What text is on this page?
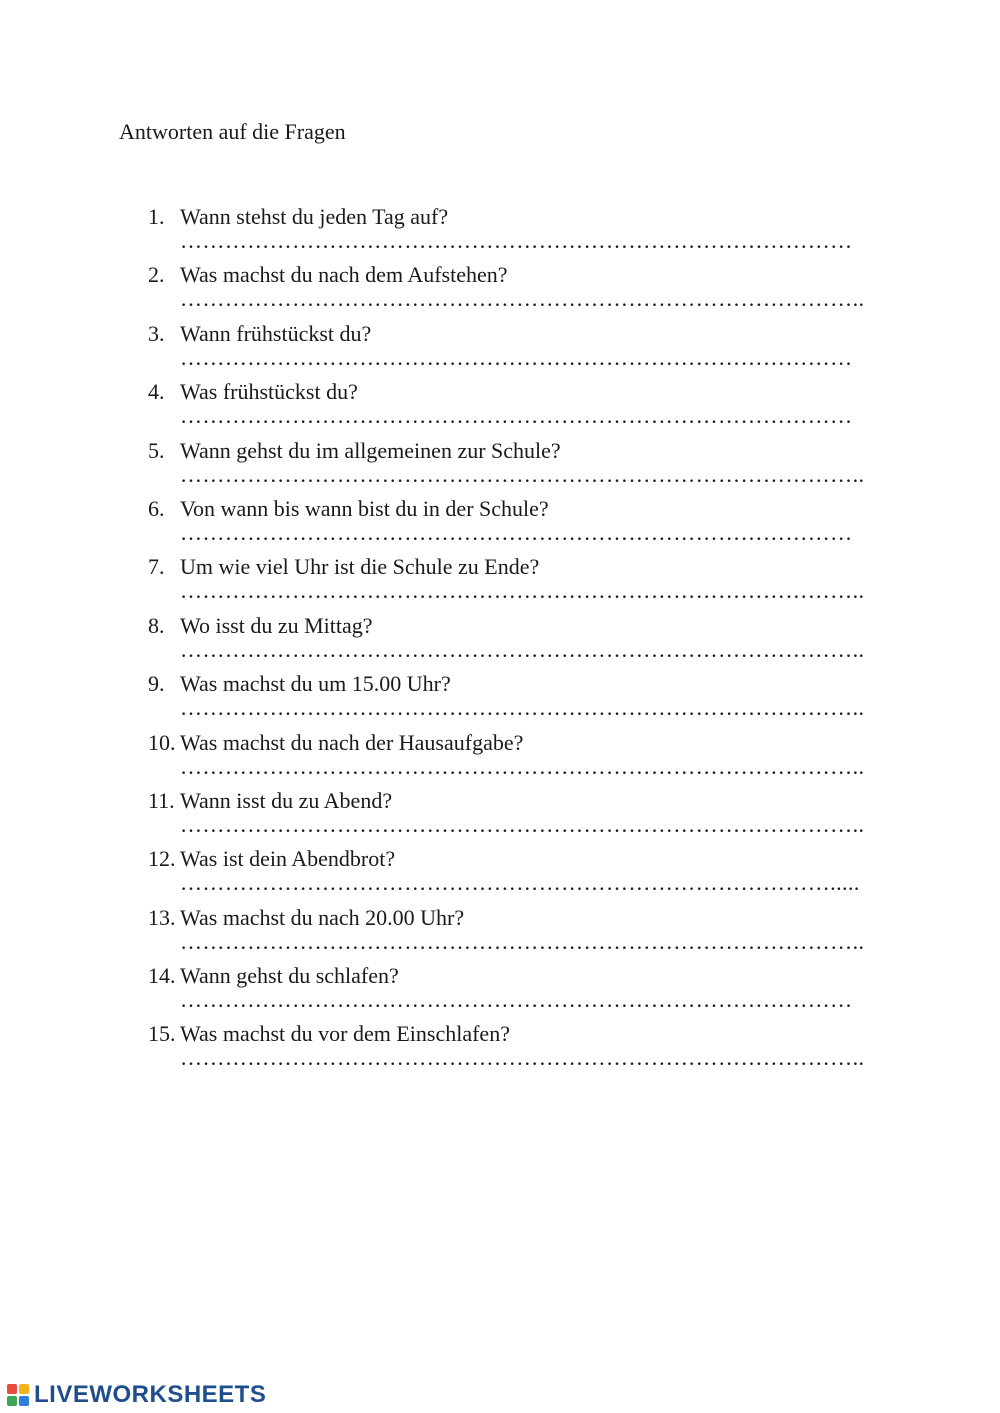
Antworten auf die Fragen
1. Wann stehst du jeden Tag auf?
………………………………………………………………………………
2. Was machst du nach dem Aufstehen?
………………………………………………………………………………..
3. Wann frühstückst du?
………………………………………………………………………………
4. Was frühstückst du?
………………………………………………………………………………
5. Wann gehst du im allgemeinen zur Schule?
………………………………………………………………………………..
6. Von wann bis wann bist du in der Schule?
………………………………………………………………………………
7. Um wie viel Uhr ist die Schule zu Ende?
………………………………………………………………………………..
8. Wo isst du zu Mittag?
………………………………………………………………………………..
9. Was machst du um 15.00 Uhr?
………………………………………………………………………………..
10. Was machst du nach der Hausaufgabe?
………………………………………………………………………………..
11. Wann isst du zu Abend?
………………………………………………………………………………..
12. Was ist dein Abendbrot?
…………………………………………………………………………….....
13. Was machst du nach 20.00 Uhr?
………………………………………………………………………………..
14. Wann gehst du schlafen?
………………………………………………………………………………
15. Was machst du vor dem Einschlafen?
………………………………………………………………………………..
LIVEWORKSHEETS
